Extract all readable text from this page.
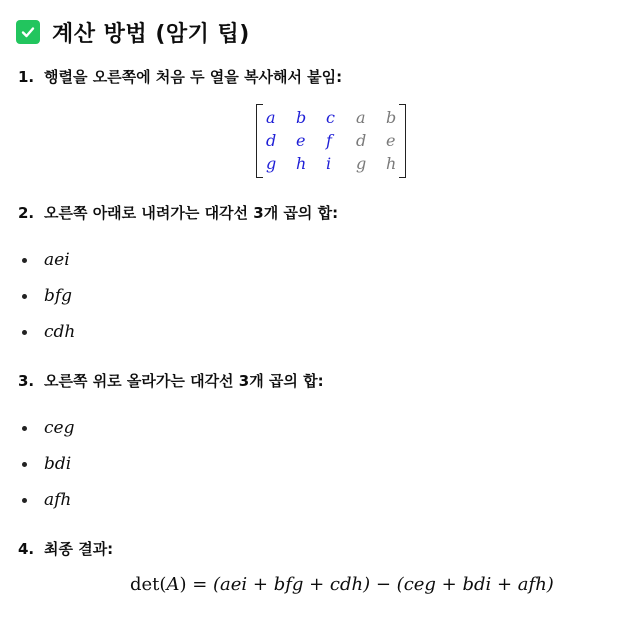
계산 방법 (암기 팁)
1. 행렬을 오른쪽에 처음 두 열을 복사해서 붙임:
a	b	c	a	b
d	e	f	d	e
g	h	i	g	h
2. 오른쪽 아래로 내려가는 대각선 3개 곱의 합:
aei
bfg
cdh
3. 오른쪽 위로 올라가는 대각선 3개 곱의 합:
ceg
bdi
afh
4. 최종 결과:
det(A) = (aei + bfg + cdh) − (ceg + bdi + afh)
